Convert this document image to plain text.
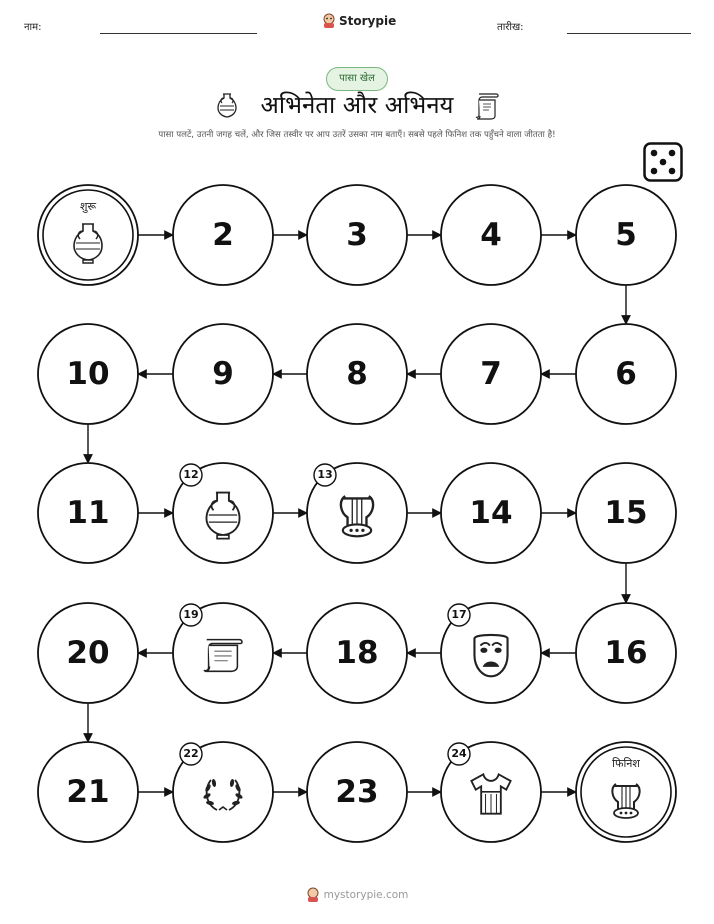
नाम:	Storypie	तारीख:
पासा खेल
अभिनेता और अभिनय
पासा पलटें, उतनी जगह चलें, और जिस तस्वीर पर आप उतरें उसका नाम बताएँ। सबसे पहले फिनिश तक पहुँचने वाला जीतता है!
शुरू
2	3	4	5
6
7
8
9
10
11
12	13
14	15
16
17
18
19
20
21
22
23
24
फिनिश
mystorypie.com
